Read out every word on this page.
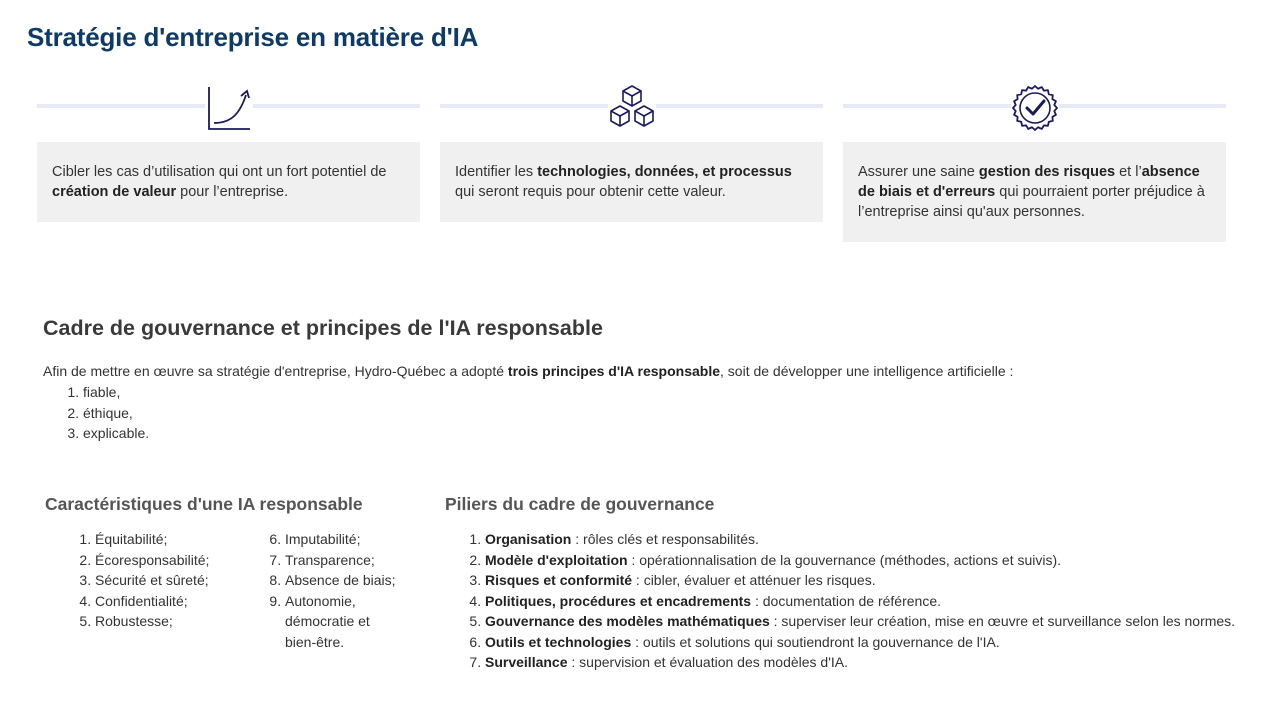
Stratégie d'entreprise en matière d'IA
Cibler les cas d’utilisation qui ont un fort potentiel de création de valeur pour l’entreprise.
Identifier les technologies, données, et processus qui seront requis pour obtenir cette valeur.
Assurer une saine gestion des risques et l’absence de biais et d'erreurs qui pourraient porter préjudice à l’entreprise ainsi qu'aux personnes.
Cadre de gouvernance et principes de l'IA responsable

Afin de mettre en œuvre sa stratégie d'entreprise, Hydro-Québec a adopté trois principes d'IA responsable, soit de développer une intelligence artificielle :

1. fiable,
2. éthique,
3. explicable.
Caractéristiques d'une IA responsable
1. Équitabilité;
2. Écoresponsabilité;
3. Sécurité et sûreté;
4. Confidentialité;
5. Robustesse;
6. Imputabilité;
7. Transparence;
8. Absence de biais;
9. Autonomie, démocratie et bien-être.
Piliers du cadre de gouvernance
1. Organisation : rôles clés et responsabilités.
2. Modèle d'exploitation : opérationnalisation de la gouvernance (méthodes, actions et suivis).
3. Risques et conformité : cibler, évaluer et atténuer les risques.
4. Politiques, procédures et encadrements : documentation de référence.
5. Gouvernance des modèles mathématiques : superviser leur création, mise en œuvre et surveillance selon les normes.
6. Outils et technologies : outils et solutions qui soutiendront la gouvernance de l'IA.
7. Surveillance : supervision et évaluation des modèles d'IA.
